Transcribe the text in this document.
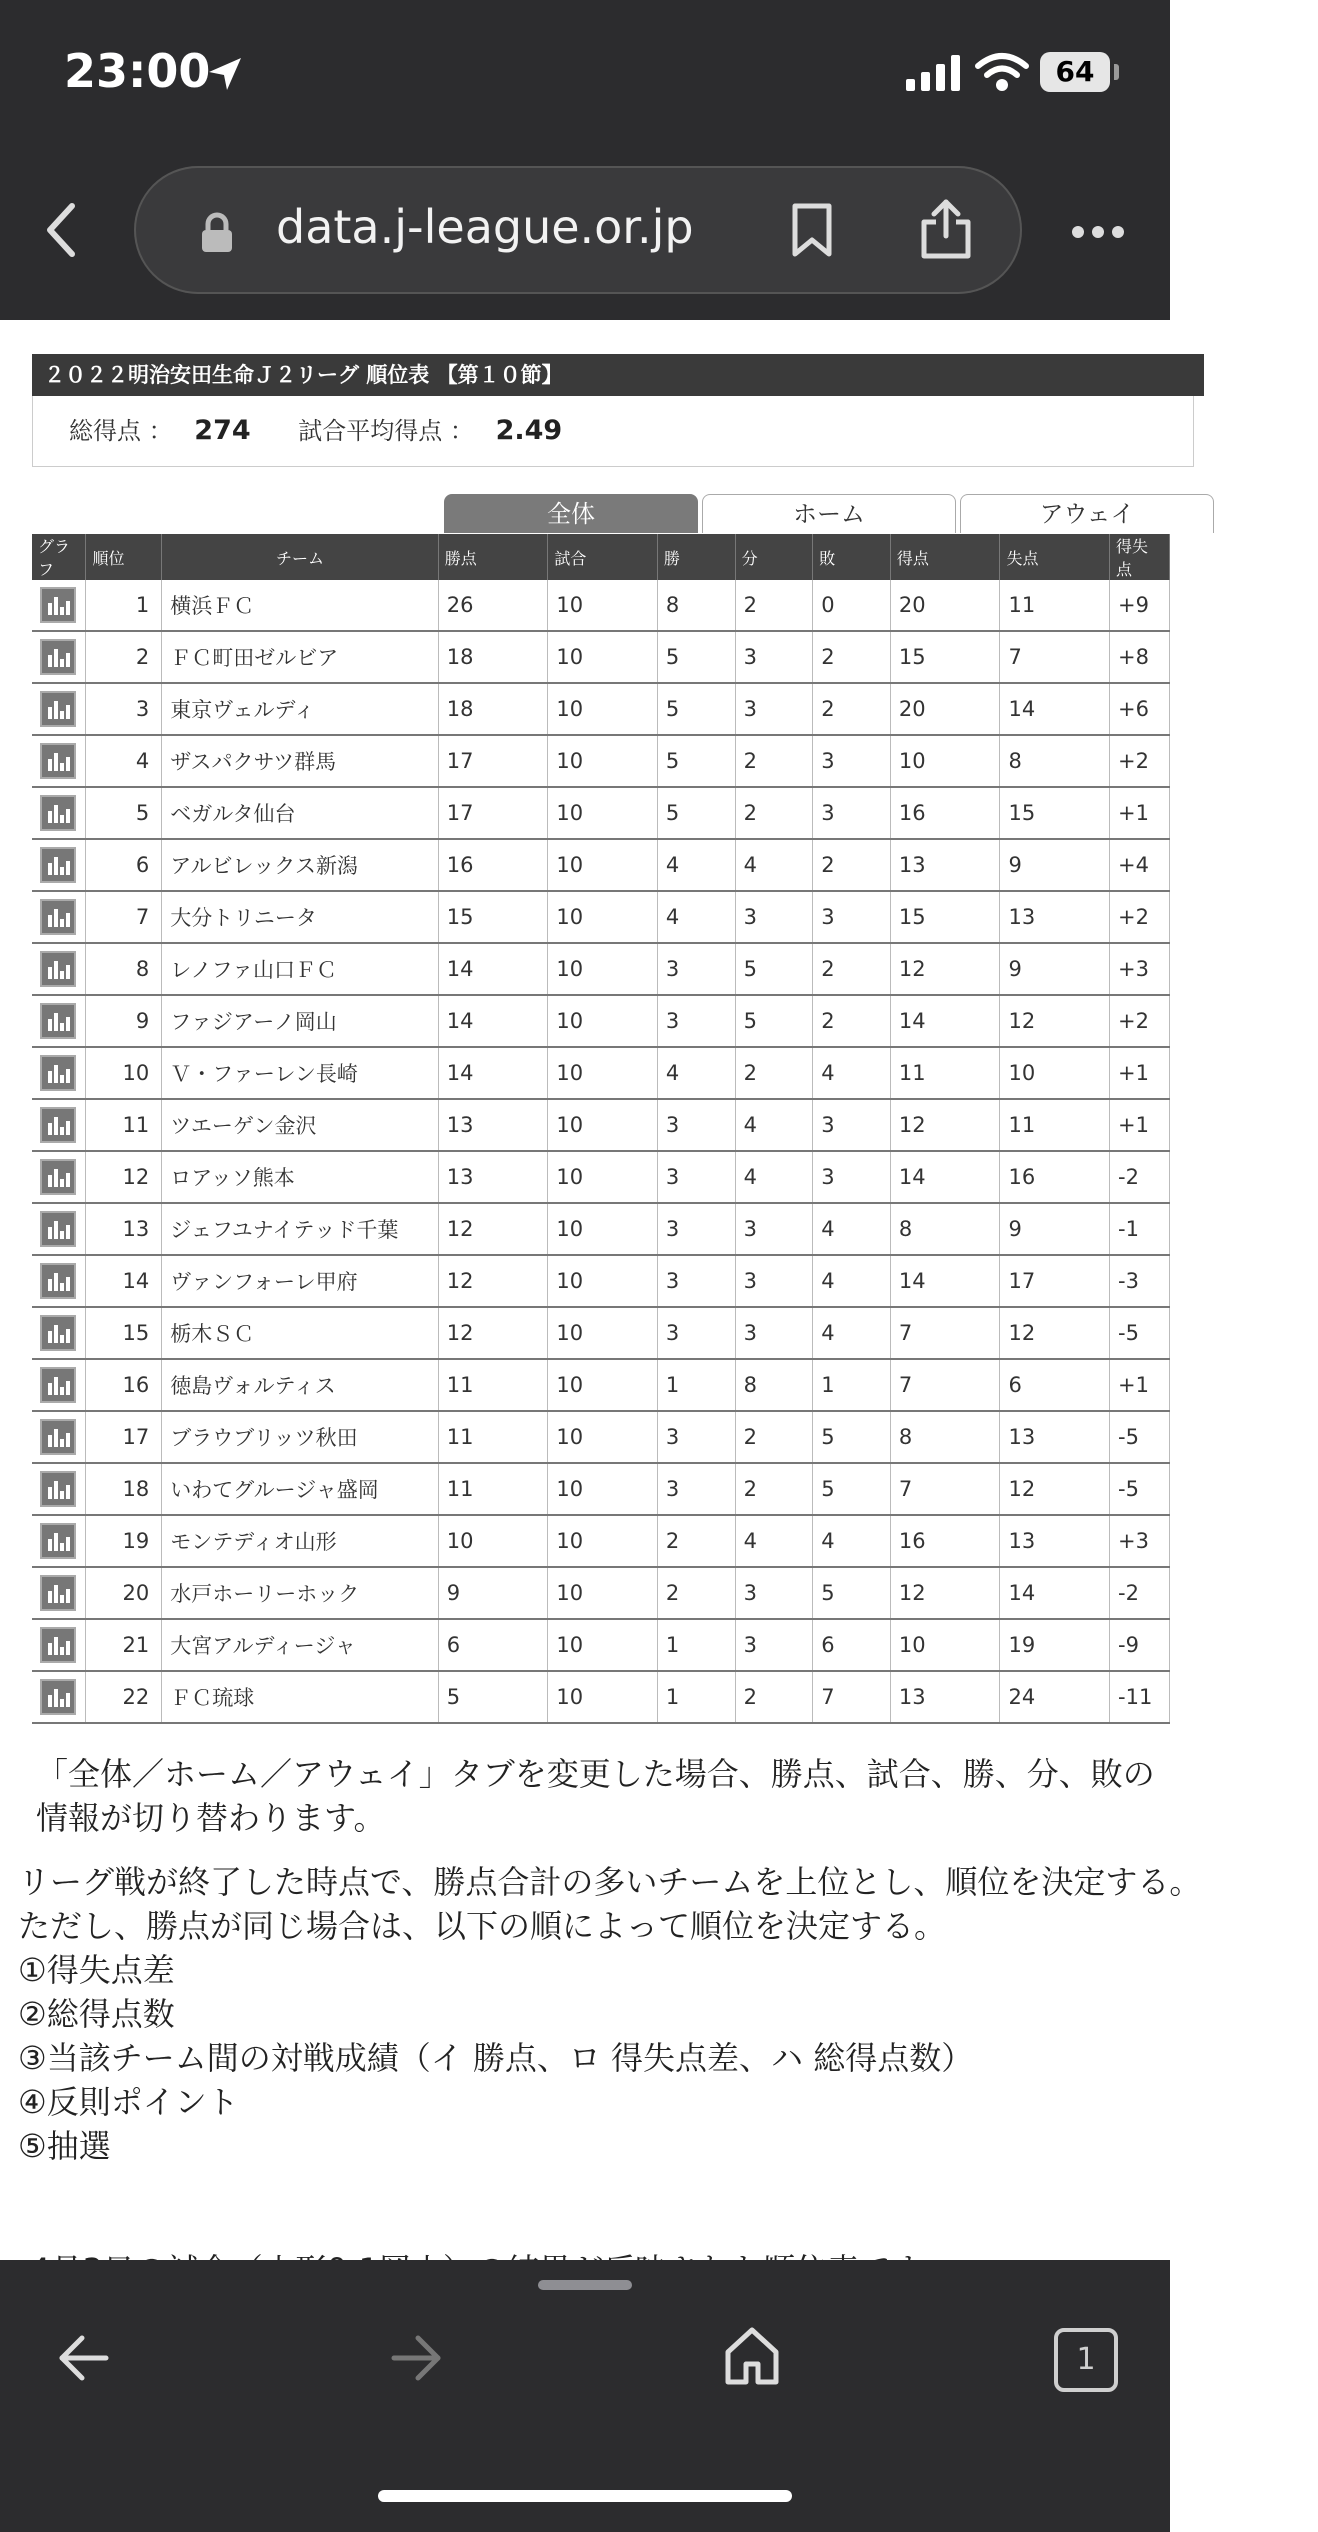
23:00	64
data.j-league.or.jp
２０２２明治安田生命Ｊ２リーグ 順位表 【第１０節】
総得点 ： 274 試合平均得点 ： 2.49
全体	ホーム	アウェイ
グラフ	順位	チーム	勝点	試合	勝	分	敗	得点	失点	得失点

	1	横浜ＦＣ	26	10	8	2	0	20	11	+9

	2	ＦＣ町田ゼルビア	18	10	5	3	2	15	7	+8

	3	東京ヴェルディ	18	10	5	3	2	20	14	+6

	4	ザスパクサツ群馬	17	10	5	2	3	10	8	+2

	5	ベガルタ仙台	17	10	5	2	3	16	15	+1

	6	アルビレックス新潟	16	10	4	4	2	13	9	+4

	7	大分トリニータ	15	10	4	3	3	15	13	+2

	8	レノファ山口ＦＣ	14	10	3	5	2	12	9	+3

	9	ファジアーノ岡山	14	10	3	5	2	14	12	+2

	10	Ｖ・ファーレン長崎	14	10	4	2	4	11	10	+1

	11	ツエーゲン金沢	13	10	3	4	3	12	11	+1

	12	ロアッソ熊本	13	10	3	4	3	14	16	-2

	13	ジェフユナイテッド千葉	12	10	3	3	4	8	9	-1

	14	ヴァンフォーレ甲府	12	10	3	3	4	14	17	-3

	15	栃木ＳＣ	12	10	3	3	4	7	12	-5

	16	徳島ヴォルティス	11	10	1	8	1	7	6	+1

	17	ブラウブリッツ秋田	11	10	3	2	5	8	13	-5

	18	いわてグルージャ盛岡	11	10	3	2	5	7	12	-5

	19	モンテディオ山形	10	10	2	4	4	16	13	+3

	20	水戸ホーリーホック	9	10	2	3	5	12	14	-2

	21	大宮アルディージャ	6	10	1	3	6	10	19	-9

	22	ＦＣ琉球	5	10	1	2	7	13	24	-11
「全体／ホーム／アウェイ」タブを変更した場合、勝点、試合、勝、分、敗の情報が切り替わります。
リーグ戦が終了した時点で、勝点合計の多いチームを上位とし、順位を決定する。
ただし、勝点が同じ場合は、以下の順によって順位を決定する。
①得失点差
②総得点数
③当該チーム間の対戦成績（イ 勝点、ロ 得失点差、ハ 総得点数）
④反則ポイント
⑤抽選
1
